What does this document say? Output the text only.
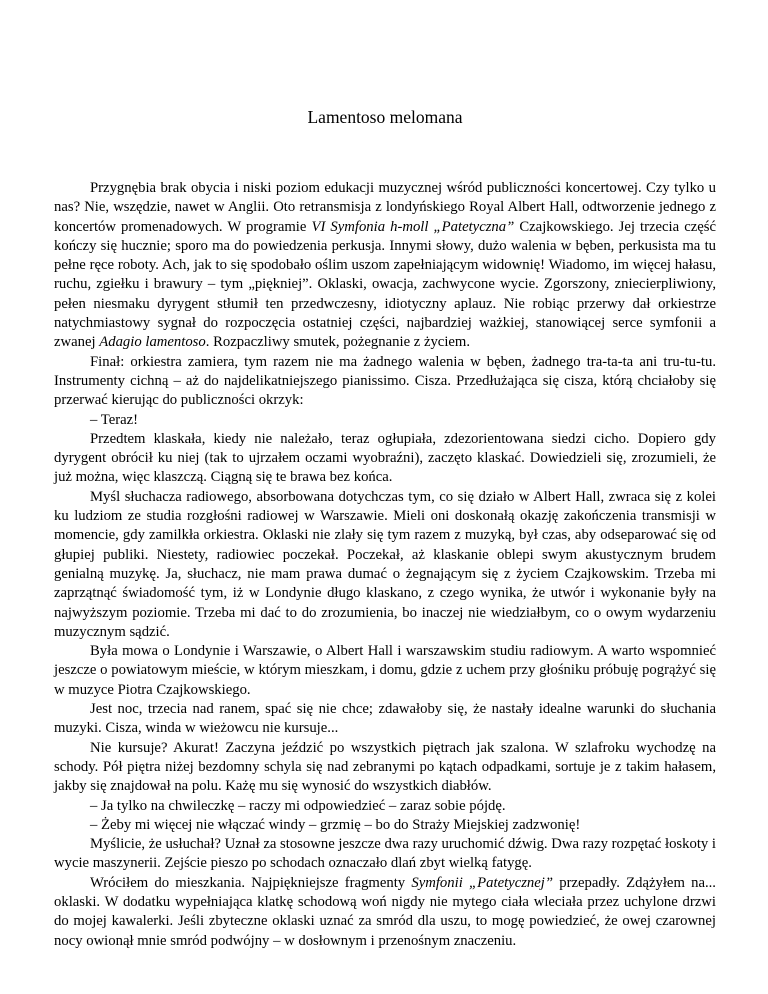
Lamentoso melomana

Przygnębia brak obycia i niski poziom edukacji muzycznej wśród publiczności koncertowej. Czy tylko u nas? Nie, wszędzie, nawet w Anglii. Oto retransmisja z londyńskiego Royal Albert Hall, odtworzenie jednego z koncertów promenadowych. W programie VI Symfonia h-moll „Patetyczna” Czajkowskiego. Jej trzecia część kończy się hucznie; sporo ma do powiedzenia perkusja. Innymi słowy, dużo walenia w bęben, perkusista ma tu pełne ręce roboty. Ach, jak to się spodobało oślim uszom zapełniającym widownię! Wiadomo, im więcej hałasu, ruchu, zgiełku i brawury – tym „piękniej”. Oklaski, owacja, zachwycone wycie. Zgorszony, zniecierpliwiony, pełen niesmaku dyrygent stłumił ten przedwczesny, idiotyczny aplauz. Nie robiąc przerwy dał orkiestrze natychmiastowy sygnał do rozpoczęcia ostatniej części, najbardziej ważkiej, stanowiącej serce symfonii a zwanej Adagio lamentoso. Rozpaczliwy smutek, pożegnanie z życiem.

Finał: orkiestra zamiera, tym razem nie ma żadnego walenia w bęben, żadnego tra-ta-ta ani tru-tu-tu. Instrumenty cichną – aż do najdelikatniejszego pianissimo. Cisza. Przedłużająca się cisza, którą chciałoby się przerwać kierując do publiczności okrzyk:

– Teraz!

Przedtem klaskała, kiedy nie należało, teraz ogłupiała, zdezorientowana siedzi cicho. Dopiero gdy dyrygent obrócił ku niej (tak to ujrzałem oczami wyobraźni), zaczęto klaskać. Dowiedzieli się, zrozumieli, że już można, więc klaszczą. Ciągną się te brawa bez końca.

Myśl słuchacza radiowego, absorbowana dotychczas tym, co się działo w Albert Hall, zwraca się z kolei ku ludziom ze studia rozgłośni radiowej w Warszawie. Mieli oni doskonałą okazję zakończenia transmisji w momencie, gdy zamilkła orkiestra. Oklaski nie zlały się tym razem z muzyką, był czas, aby odseparować się od głupiej publiki. Niestety, radiowiec poczekał. Poczekał, aż klaskanie oblepi swym akustycznym brudem genialną muzykę. Ja, słuchacz, nie mam prawa dumać o żegnającym się z życiem Czajkowskim. Trzeba mi zaprzątnąć świadomość tym, iż w Londynie długo klaskano, z czego wynika, że utwór i wykonanie były na najwyższym poziomie. Trzeba mi dać to do zrozumienia, bo inaczej nie wiedziałbym, co o owym wydarzeniu muzycznym sądzić.

Była mowa o Londynie i Warszawie, o Albert Hall i warszawskim studiu radiowym. A warto wspomnieć jeszcze o powiatowym mieście, w którym mieszkam, i domu, gdzie z uchem przy głośniku próbuję pogrążyć się w muzyce Piotra Czajkowskiego.

Jest noc, trzecia nad ranem, spać się nie chce; zdawałoby się, że nastały idealne warunki do słuchania muzyki. Cisza, winda w wieżowcu nie kursuje...

Nie kursuje? Akurat! Zaczyna jeździć po wszystkich piętrach jak szalona. W szlafroku wychodzę na schody. Pół piętra niżej bezdomny schyla się nad zebranymi po kątach odpadkami, sortuje je z takim hałasem, jakby się znajdował na polu. Każę mu się wynosić do wszystkich diabłów.

– Ja tylko na chwileczkę – raczy mi odpowiedzieć – zaraz sobie pójdę.

– Żeby mi więcej nie włączać windy – grzmię – bo do Straży Miejskiej zadzwonię!

Myślicie, że usłuchał? Uznał za stosowne jeszcze dwa razy uruchomić dźwig. Dwa razy rozpętać łoskoty i wycie maszynerii. Zejście pieszo po schodach oznaczało dlań zbyt wielką fatygę.

Wróciłem do mieszkania. Najpiękniejsze fragmenty Symfonii „Patetycznej” przepadły. Zdążyłem na... oklaski. W dodatku wypełniająca klatkę schodową woń nigdy nie mytego ciała wleciała przez uchylone drzwi do mojej kawalerki. Jeśli zbyteczne oklaski uznać za smród dla uszu, to mogę powiedzieć, że owej czarownej nocy owionął mnie smród podwójny – w dosłownym i przenośnym znaczeniu.
